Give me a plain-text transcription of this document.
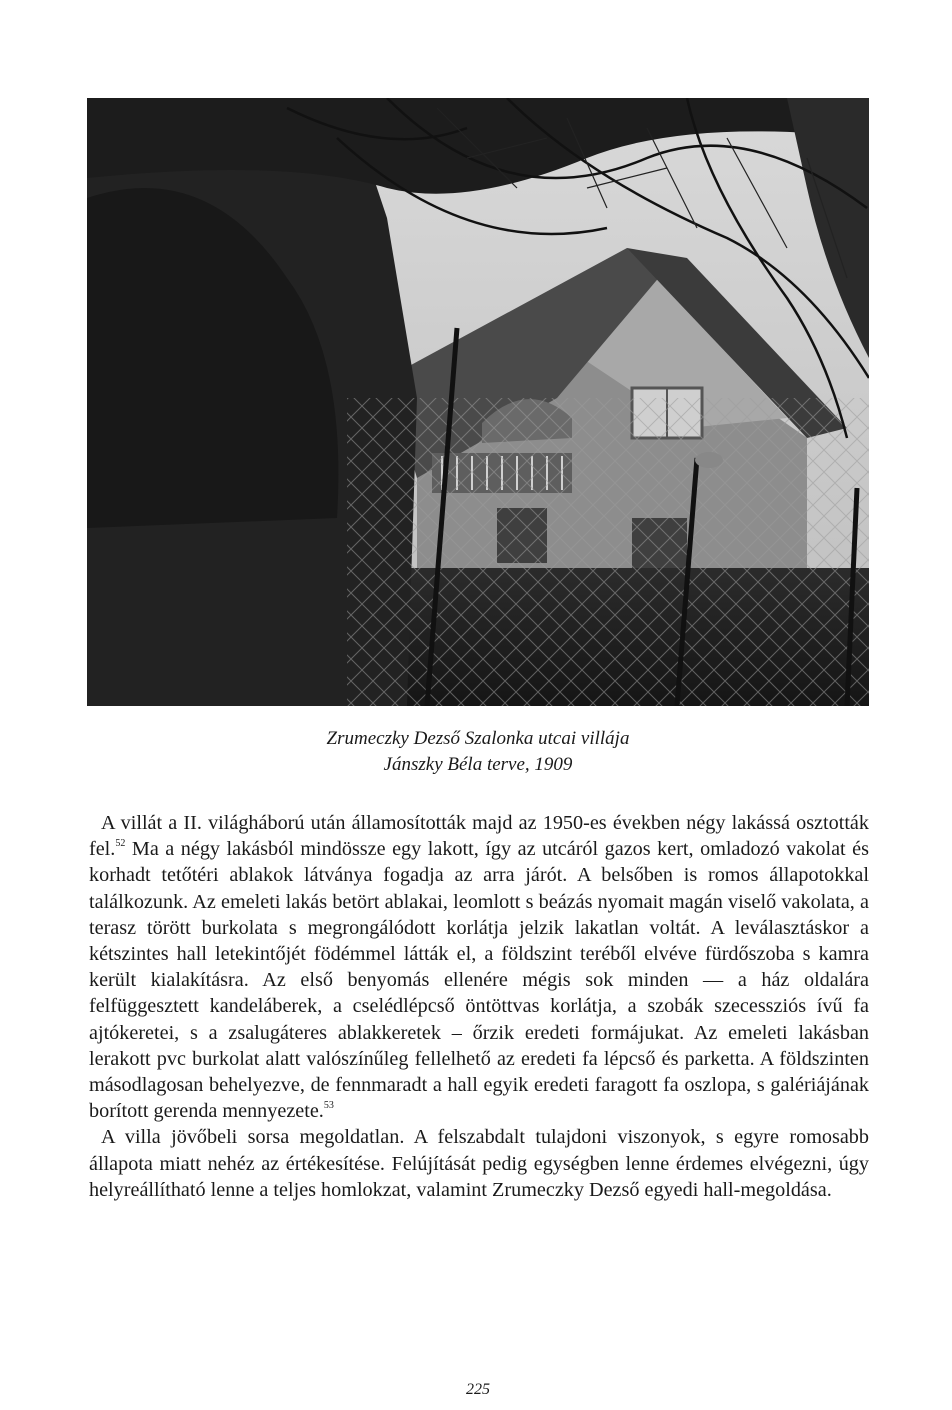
Zrumeczky Dezső Szalonka utcai villája
Jánszky Béla terve, 1909

A villát a II. világháború után államosították majd az 1950-es években négy lakássá osztották fel.$^{52}$ Ma a négy lakásból mindössze egy lakott, így az utcáról gazos kert, omladozó vakolat és korhadt tetőtéri ablakok látványa fogadja az arra járót. A belsőben is romos állapotokkal találkozunk. Az emeleti lakás betört ablakai, leomlott s beázás nyomait magán viselő vakolata, a terasz törött burkolata s megrongálódott korlátja jelzik lakatlan voltát. A leválasztáskor a kétszintes hall letekintőjét födémmel látták el, a földszint teréből elvéve fürdőszoba s kamra került kialakításra. Az első benyomás ellenére mégis sok minden — a ház oldalára felfüggesztett kandeláberek, a cselédlépcső öntöttvas korlátja, a szobák szecessziós ívű fa ajtókeretei, s a zsalugáteres ablakkeretek – őrzik eredeti formájukat. Az emeleti lakásban lerakott pvc burkolat alatt valószínűleg fellelhető az eredeti fa lépcső és parketta. A földszinten másodlagosan behelyezve, de fennmaradt a hall egyik eredeti faragott fa oszlopa, s galériájának borított gerenda mennyezete.$^{53}$

A villa jövőbeli sorsa megoldatlan. A felszabdalt tulajdoni viszonyok, s egyre romosabb állapota miatt nehéz az értékesítése. Felújítását pedig egységben lenne érdemes elvégezni, úgy helyreállítható lenne a teljes homlokzat, valamint Zrumeczky Dezső egyedi hall-megoldása.

225
